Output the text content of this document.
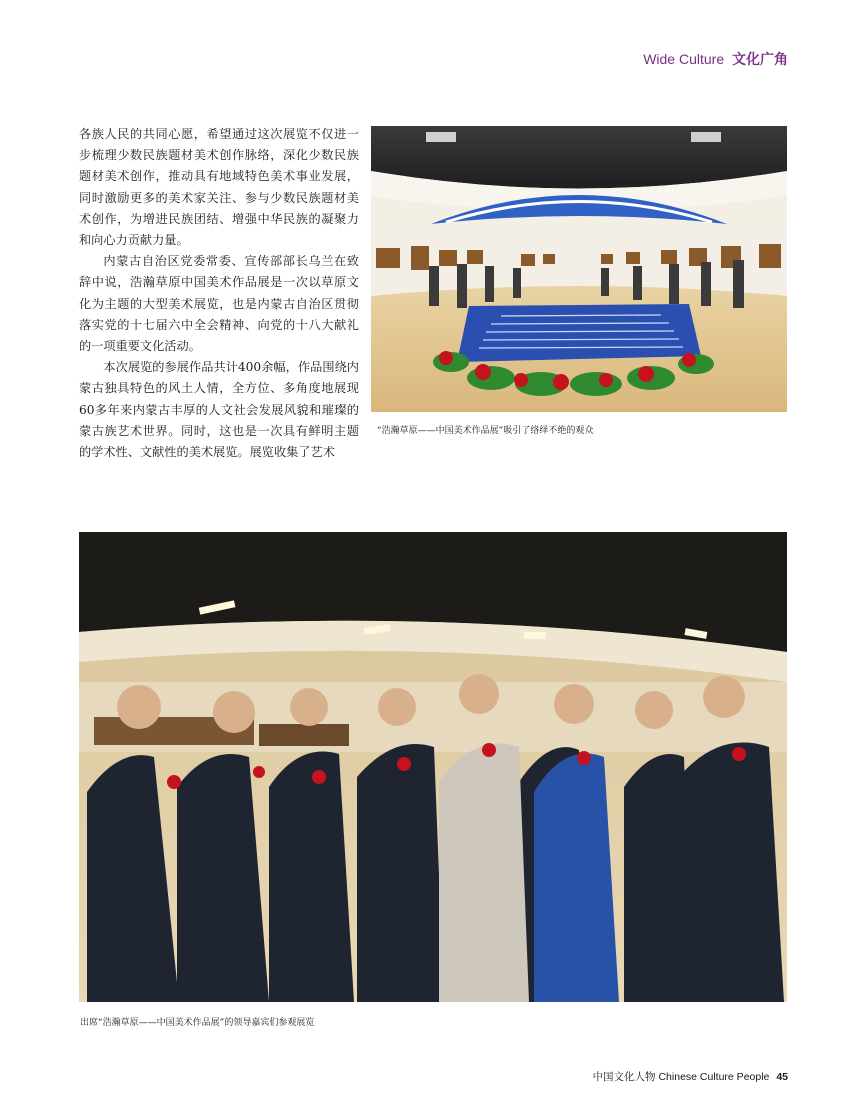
Wide Culture 文化广角

各族人民的共同心愿，希望通过这次展览不仅进一步梳理少数民族题材美术创作脉络，深化少数民族题材美术创作，推动具有地域特色美术事业发展，同时激励更多的美术家关注、参与少数民族题材美术创作，为增进民族团结、增强中华民族的凝聚力和向心力贡献力量。

内蒙古自治区党委常委、宣传部部长乌兰在致辞中说，浩瀚草原中国美术作品展是一次以草原文化为主题的大型美术展览，也是内蒙古自治区贯彻落实党的十七届六中全会精神、向党的十八大献礼的一项重要文化活动。

本次展览的参展作品共计400余幅，作品围绕内蒙古独具特色的风土人情，全方位、多角度地展现60多年来内蒙古丰厚的人文社会发展风貌和璀璨的蒙古族艺术世界。同时，这也是一次具有鲜明主题的学术性、文献性的美术展览。展览收集了艺术

“浩瀚草原——中国美术作品展”吸引了络绎不绝的观众
出席“浩瀚草原——中国美术作品展”的领导嘉宾们参观展览
中国文化人物 Chinese Culture People 45
